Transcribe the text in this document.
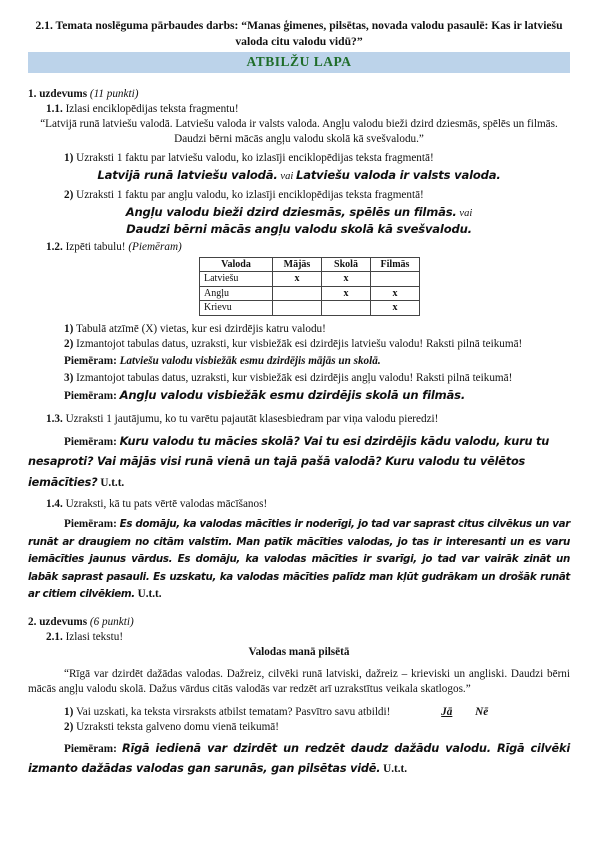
2.1. Temata noslēguma pārbaudes darbs: “Manas ģimenes, pilsētas, novada valodu pasaulē: Kas ir latviešu valoda citu valodu vidū?”
ATBILŽU LAPA
1. uzdevums (11 punkti)
1.1. Izlasi enciklopēdijas teksta fragmentu!
“Latvijā runā latviešu valodā. Latviešu valoda ir valsts valoda. Angļu valodu bieži dzird dziesmās, spēlēs un filmās. Daudzi bērni mācās angļu valodu skolā kā svešvalodu.”
1) Uzraksti 1 faktu par latviešu valodu, ko izlasīji enciklopēdijas teksta fragmentā!
Latvijā runā latviešu valodā. vai Latviešu valoda ir valsts valoda.
2) Uzraksti 1 faktu par angļu valodu, ko izlasīji enciklopēdijas teksta fragmentā!
Angļu valodu bieži dzird dziesmās, spēlēs un filmās. vai
Daudzi bērni mācās angļu valodu skolā kā svešvalodu.
1.2. Izpēti tabulu! (Piemēram)
Valoda	Mājās	Skolā	Filmās
Latviešu	x	x	
Angļu		x	x
Krievu			x
1) Tabulā atzīmē (X) vietas, kur esi dzirdējis katru valodu!
2) Izmantojot tabulas datus, uzraksti, kur visbiežāk esi dzirdējis latviešu valodu! Raksti pilnā teikumā!
Piemēram: Latviešu valodu visbiežāk esmu dzirdējis mājās un skolā.
3) Izmantojot tabulas datus, uzraksti, kur visbiežāk esi dzirdējis angļu valodu! Raksti pilnā teikumā!
Piemēram: Angļu valodu visbiežāk esmu dzirdējis skolā un filmās.
1.3. Uzraksti 1 jautājumu, ko tu varētu pajautāt klasesbiedram par viņa valodu pieredzi!
Piemēram: Kuru valodu tu mācies skolā? Vai tu esi dzirdējis kādu valodu, kuru tu nesaproti? Vai mājās visi runā vienā un tajā pašā valodā? Kuru valodu tu vēlētos iemācīties? U.t.t.
1.4. Uzraksti, kā tu pats vērtē valodas mācīšanos!
Piemēram: Es domāju, ka valodas mācīties ir noderīgi, jo tad var saprast citus cilvēkus un var runāt ar draugiem no citām valstīm. Man patīk mācīties valodas, jo tas ir interesanti un es varu iemācīties jaunus vārdus. Es domāju, ka valodas mācīties ir svarīgi, jo tad var vairāk zināt un labāk saprast pasauli. Es uzskatu, ka valodas mācīties palīdz man kļūt gudrākam un drošāk runāt ar citiem cilvēkiem. U.t.t.
2. uzdevums (6 punkti)
2.1. Izlasi tekstu!
Valodas manā pilsētā
“Rīgā var dzirdēt dažādas valodas. Dažreiz, cilvēki runā latviski, dažreiz – krieviski un angliski. Daudzi bērni mācās angļu valodu skolā. Dažus vārdus citās valodās var redzēt arī uzrakstītus veikala skatlogos.”
1) Vai uzskati, ka teksta virsraksts atbilst tematam? Pasvītro savu atbildi!	Jā Nē
2) Uzraksti teksta galveno domu vienā teikumā!
Piemēram: Rīgā iedienā var dzirdēt un redzēt daudz dažādu valodu. Rīgā cilvēki izmanto dažādas valodas gan sarunās, gan pilsētas vidē. U.t.t.
